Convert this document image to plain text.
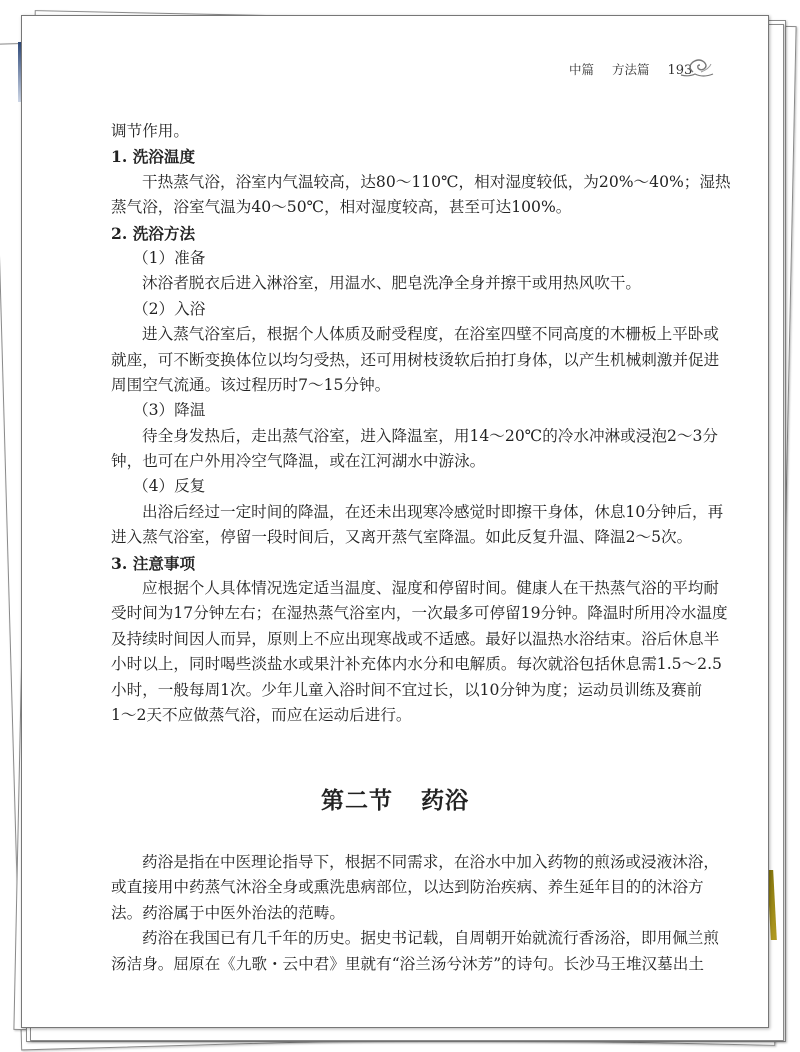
中篇 方法篇 193
调节作用。
1. 洗浴温度
干热蒸气浴，浴室内气温较高，达80～110℃，相对湿度较低，为20%～40%；湿热
蒸气浴，浴室气温为40～50℃，相对湿度较高，甚至可达100%。
2. 洗浴方法
（1）准备
沐浴者脱衣后进入淋浴室，用温水、肥皂洗净全身并擦干或用热风吹干。
（2）入浴
进入蒸气浴室后，根据个人体质及耐受程度，在浴室四壁不同高度的木栅板上平卧或
就座，可不断变换体位以均匀受热，还可用树枝烫软后拍打身体，以产生机械刺激并促进
周围空气流通。该过程历时7～15分钟。
（3）降温
待全身发热后，走出蒸气浴室，进入降温室，用14～20℃的冷水冲淋或浸泡2～3分
钟，也可在户外用冷空气降温，或在江河湖水中游泳。
（4）反复
出浴后经过一定时间的降温，在还未出现寒冷感觉时即擦干身体，休息10分钟后，再
进入蒸气浴室，停留一段时间后，又离开蒸气室降温。如此反复升温、降温2～5次。
3. 注意事项
应根据个人具体情况选定适当温度、湿度和停留时间。健康人在干热蒸气浴的平均耐
受时间为17分钟左右；在湿热蒸气浴室内，一次最多可停留19分钟。降温时所用冷水温度
及持续时间因人而异，原则上不应出现寒战或不适感。最好以温热水浴结束。浴后休息半
小时以上，同时喝些淡盐水或果汁补充体内水分和电解质。每次就浴包括休息需1.5～2.5
小时，一般每周1次。少年儿童入浴时间不宜过长，以10分钟为度；运动员训练及赛前
1～2天不应做蒸气浴，而应在运动后进行。
第二节 药浴
药浴是指在中医理论指导下，根据不同需求，在浴水中加入药物的煎汤或浸液沐浴，
或直接用中药蒸气沐浴全身或熏洗患病部位，以达到防治疾病、养生延年目的的沐浴方
法。药浴属于中医外治法的范畴。
药浴在我国已有几千年的历史。据史书记载，自周朝开始就流行香汤浴，即用佩兰煎
汤洁身。屈原在《九歌・云中君》里就有“浴兰汤兮沐芳”的诗句。长沙马王堆汉墓出土
